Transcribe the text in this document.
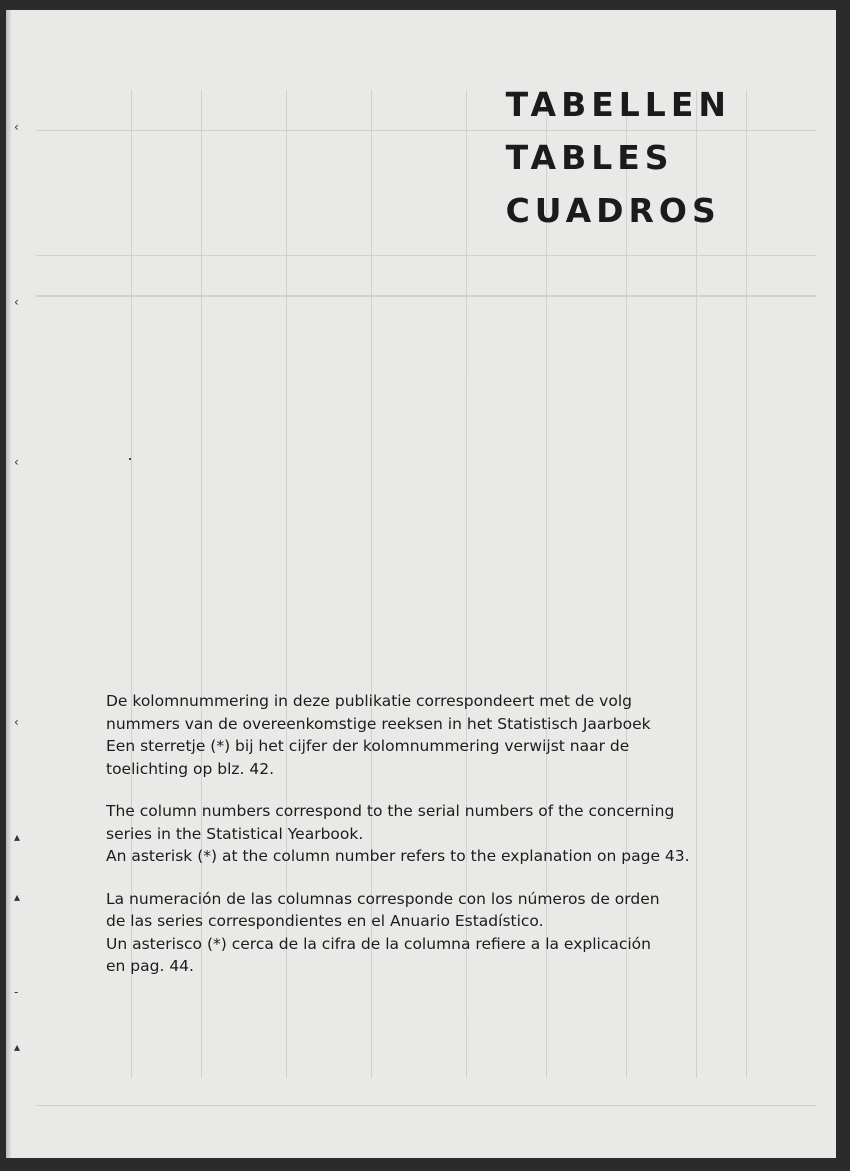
‹
‹
‹
‹
▴
▴
-
▴
TABELLEN
TABLES
CUADROS

De kolomnummering in deze publikatie correspondeert met de volg

nummers van de overeenkomstige reeksen in het Statistisch Jaarboek

Een sterretje (*) bij het cijfer der kolomnummering verwijst naar de

toelichting op blz. 42.

The column numbers correspond to the serial numbers of the concerning

series in the Statistical Yearbook.

An asterisk (*) at the column number refers to the explanation on page 43.

La numeración de las columnas corresponde con los números de orden

de las series correspondientes en el Anuario Estadístico.

Un asterisco (*) cerca de la cifra de la columna refiere a la explicación

en pag. 44.
